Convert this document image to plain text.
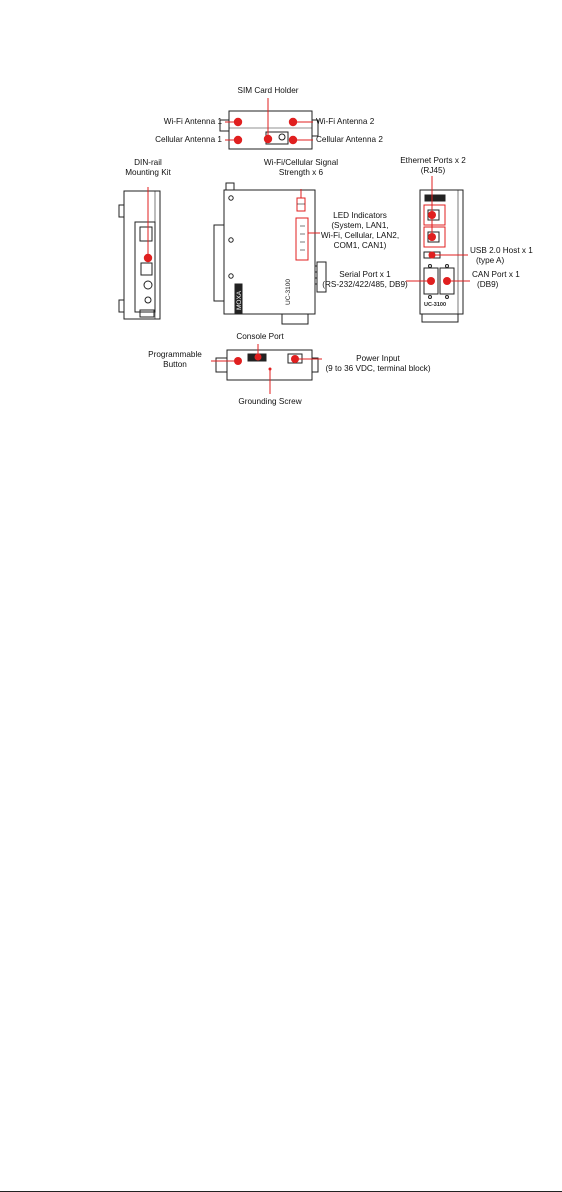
MOXA	UC-3100	UC-3100
SIM Card Holder
Wi-Fi Antenna 1
Cellular Antenna 1
Wi-Fi Antenna 2
Cellular Antenna 2
DIN-rail
Mounting Kit
Wi-Fi/Cellular Signal
Strength x 6
Ethernet Ports x 2
(RJ45)
LED Indicators
(System, LAN1,
Wi-Fi, Cellular, LAN2,
COM1, CAN1)
USB 2.0 Host x 1
(type A)
Serial Port x 1
(RS-232/422/485, DB9)
CAN Port x 1
(DB9)
Console Port
Programmable
Button
Power Input
(9 to 36 VDC, terminal block)
Grounding Screw
